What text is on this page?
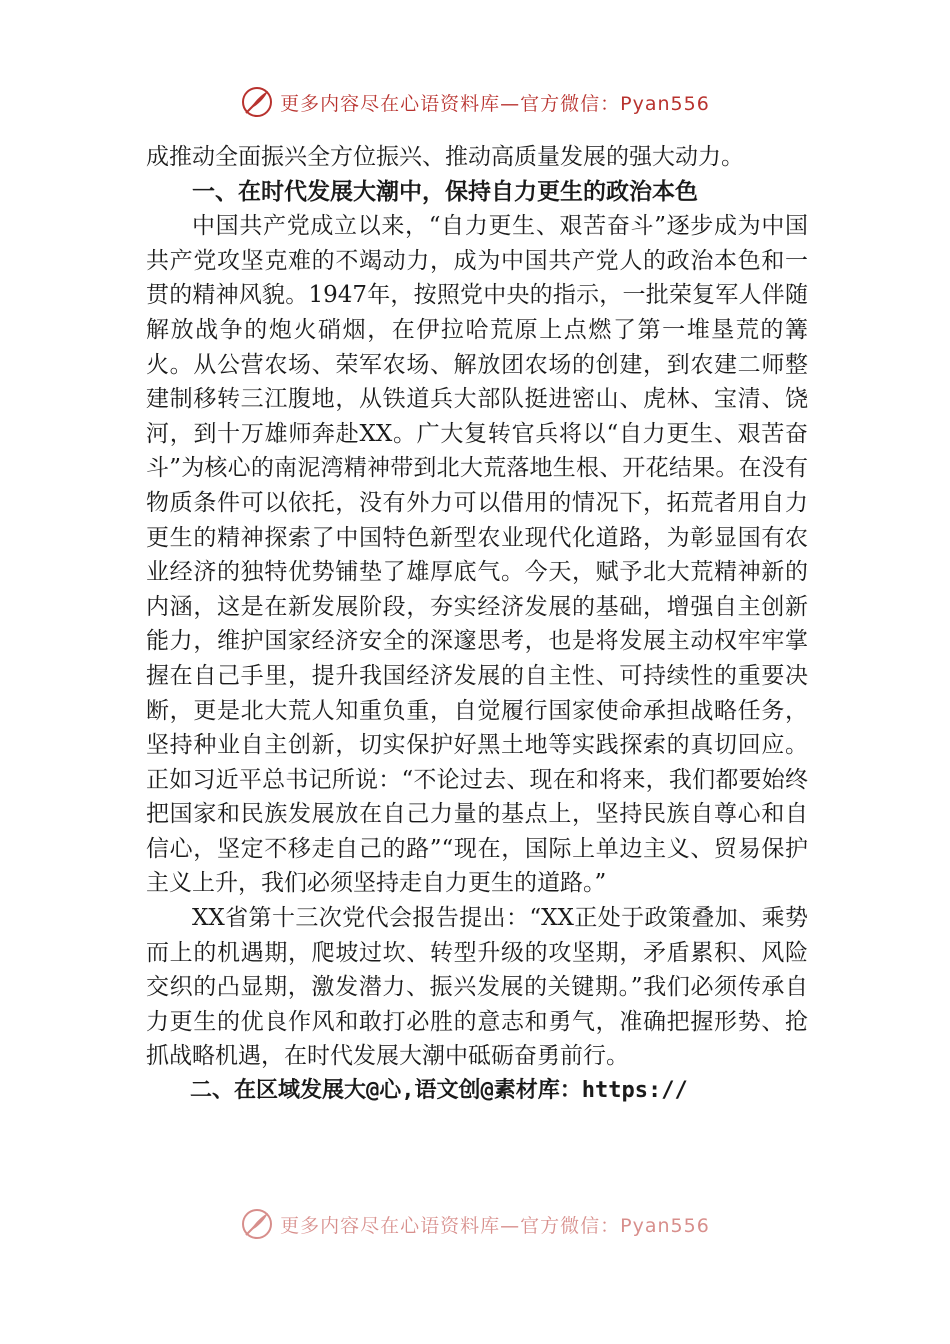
更多内容尽在心语资料库—官方微信：Pyan556

成推动全面振兴全方位振兴、推动高质量发展的强大动力。

一、在时代发展大潮中，保持自力更生的政治本色

中国共产党成立以来，“自力更生、艰苦奋斗”逐步成为中国共产党攻坚克难的不竭动力，成为中国共产党人的政治本色和一贯的精神风貌。1947年，按照党中央的指示，一批荣复军人伴随解放战争的炮火硝烟，在伊拉哈荒原上点燃了第一堆垦荒的篝火。从公营农场、荣军农场、解放团农场的创建，到农建二师整建制移转三江腹地，从铁道兵大部队挺进密山、虎林、宝清、饶河，到十万雄师奔赴XX。广大复转官兵将以“自力更生、艰苦奋斗”为核心的南泥湾精神带到北大荒落地生根、开花结果。在没有物质条件可以依托，没有外力可以借用的情况下，拓荒者用自力更生的精神探索了中国特色新型农业现代化道路，为彰显国有农业经济的独特优势铺垫了雄厚底气。今天，赋予北大荒精神新的内涵，这是在新发展阶段，夯实经济发展的基础，增强自主创新能力，维护国家经济安全的深邃思考，也是将发展主动权牢牢掌握在自己手里，提升我国经济发展的自主性、可持续性的重要决断，更是北大荒人知重负重，自觉履行国家使命承担战略任务，坚持种业自主创新，切实保护好黑土地等实践探索的真切回应。正如习近平总书记所说：“不论过去、现在和将来，我们都要始终把国家和民族发展放在自己力量的基点上，坚持民族自尊心和自信心，坚定不移走自己的路”“现在，国际上单边主义、贸易保护主义上升，我们必须坚持走自力更生的道路。”

XX省第十三次党代会报告提出：“XX正处于政策叠加、乘势而上的机遇期，爬坡过坎、转型升级的攻坚期，矛盾累积、风险交织的凸显期，激发潜力、振兴发展的关键期。”我们必须传承自力更生的优良作风和敢打必胜的意志和勇气，准确把握形势、抢抓战略机遇，在时代发展大潮中砥砺奋勇前行。

二、在区域发展大@心,语文创@素材库：https://

更多内容尽在心语资料库—官方微信：Pyan556
